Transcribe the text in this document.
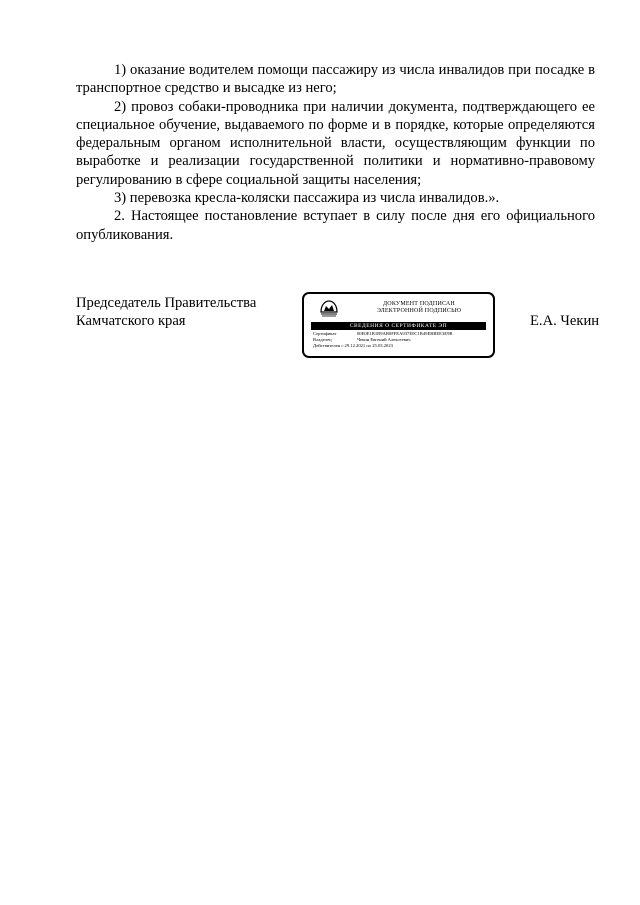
1) оказание водителем помощи пассажиру из числа инвалидов при посадке в транспортное средство и высадке из него;

2) провоз собаки-проводника при наличии документа, подтверждающего ее специальное обучение, выдаваемого по форме и в порядке, которые определяются федеральным органом исполнительной власти, осуществляющим функции по выработке и реализации государственной политики и нормативно-правовому регулированию в сфере социальной защиты населения;

3) перевозка кресла-коляски пассажира из числа инвалидов.».

2. Настоящее постановление вступает в силу после дня его официального опубликования.

Председатель Правительства
Камчатского края
ДОКУМЕНТ ПОДПИСАН
ЭЛЕКТРОННОЙ ПОДПИСЬЮ
СВЕДЕНИЯ О СЕРТИФИКАТЕ ЭП
Сертификат	00E0E1B1B9AB0FFEA937E0C1B49EBBEE3E9B
Владелец	Чекин Евгений Алексеевич
Действителен с 29.12.2021 по 25.03.2023
Е.А. Чекин
